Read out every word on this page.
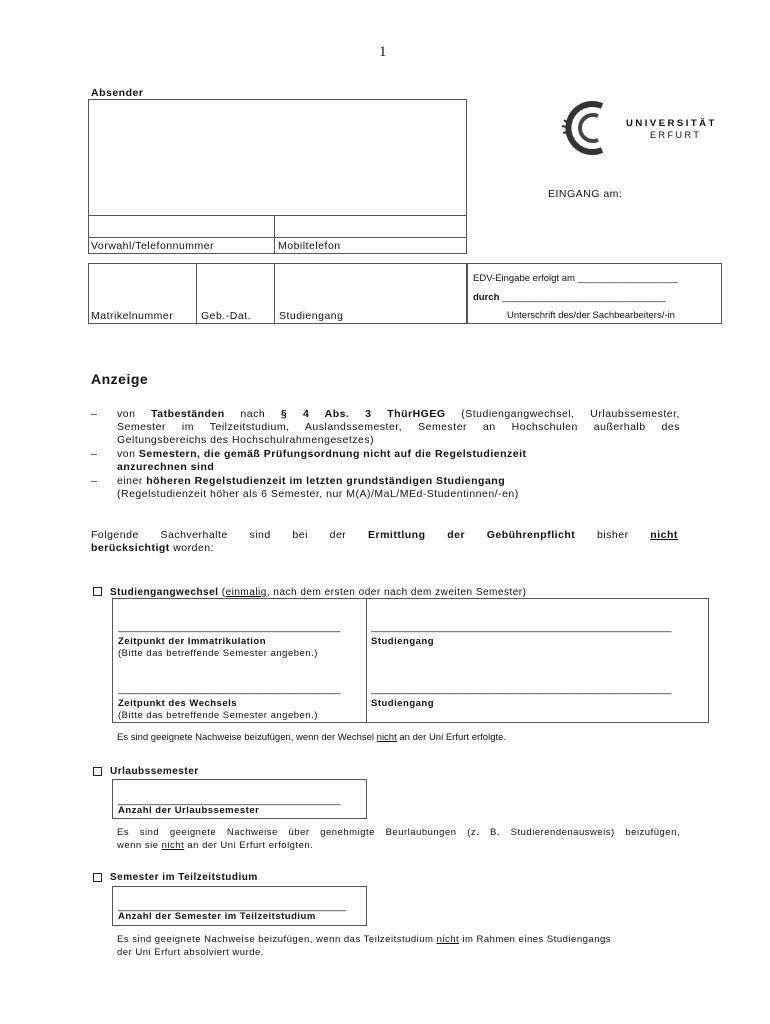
1
Absender
Vorwahl/Telefonnummer	Mobiltelefon
Matrikelnummer	Geb.-Dat.	Studiengang
EDV-Eingabe erfolgt am ___________________
durch _______________________________
Unterschrift des/der Sachbearbeiters/-in
UNIVERSITÄT
ERFURT
EINGANG am:
Anzeige
– von Tatbeständen nach § 4 Abs. 3 ThürHGEG (Studiengangwechsel, Urlaubssemester,
Semester im Teilzeitstudium, Auslandssemester, Semester an Hochschulen außerhalb des
Geltungsbereichs des Hochschulrahmengesetzes)
– von Semestern, die gemäß Prüfungsordnung nicht auf die Regelstudienzeit
anzurechnen sind
– einer höheren Regelstudienzeit im letzten grundständigen Studiengang
(Regelstudienzeit höher als 6 Semester, nur M(A)/MaL/MEd-Studentinnen/-en)
Folgende Sachverhalte sind bei der Ermittlung der Gebührenpflicht bisher nicht
berücksichtigt worden:
Studiengangwechsel (einmalig, nach dem ersten oder nach dem zweiten Semester)
________________________________________
Zeitpunkt der Immatrikulation
(Bitte das betreffende Semester angeben.)
______________________________________________________
Studiengang
________________________________________
Zeitpunkt des Wechsels
(Bitte das betreffende Semester angeben.)
______________________________________________________
Studiengang
Es sind geeignete Nachweise beizufügen, wenn der Wechsel nicht an der Uni Erfurt erfolgte.
Urlaubssemester
________________________________________
Anzahl der Urlaubssemester
Es sind geeignete Nachweise über genehmigte Beurlaubungen (z. B. Studierendenausweis) beizufügen,
wenn sie nicht an der Uni Erfurt erfolgten.
Semester im Teilzeitstudium
_________________________________________
Anzahl der Semester im Teilzeitstudium
Es sind geeignete Nachweise beizufügen, wenn das Teilzeitstudium nicht im Rahmen eines Studiengangs
der Uni Erfurt absolviert wurde.
